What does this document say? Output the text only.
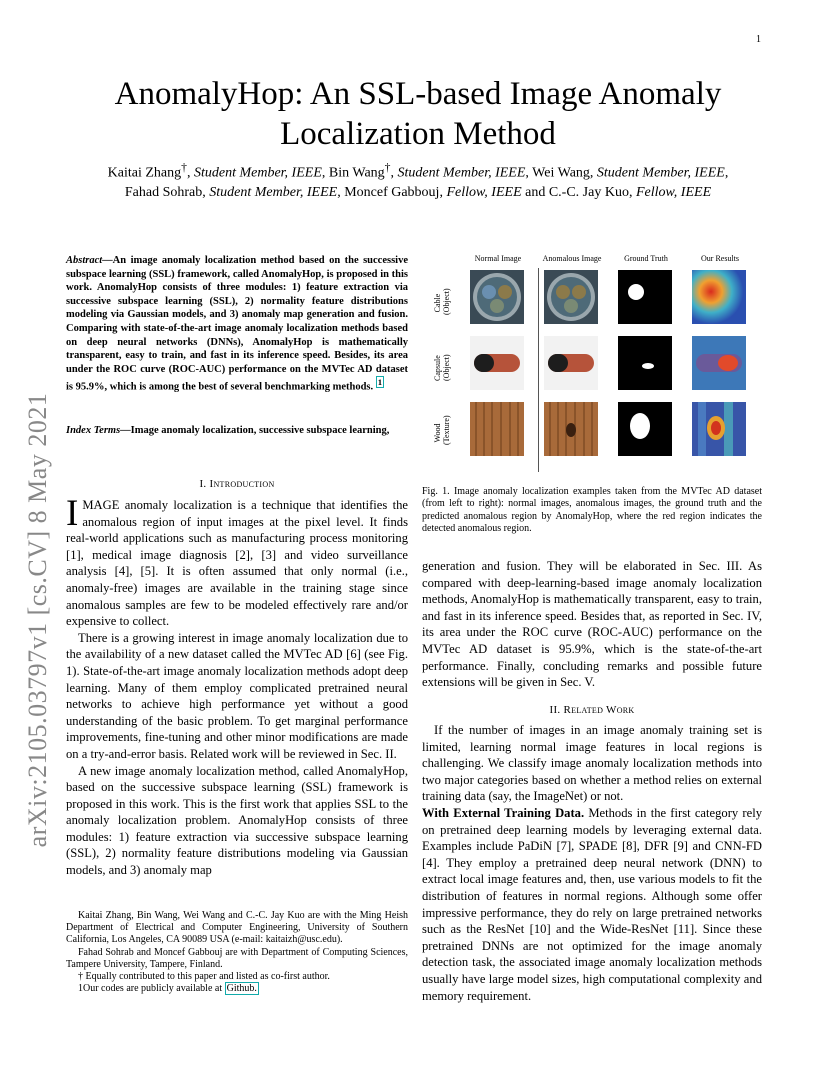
1
arXiv:2105.03797v1 [cs.CV] 8 May 2021
AnomalyHop: An SSL-based Image Anomaly Localization Method
Kaitai Zhang†, Student Member, IEEE, Bin Wang†, Student Member, IEEE, Wei Wang, Student Member, IEEE,
Fahad Sohrab, Student Member, IEEE, Moncef Gabbouj, Fellow, IEEE and C.-C. Jay Kuo, Fellow, IEEE
Abstract—An image anomaly localization method based on the successive subspace learning (SSL) framework, called AnomalyHop, is proposed in this work. AnomalyHop consists of three modules: 1) feature extraction via successive subspace learning (SSL), 2) normality feature distributions modeling via Gaussian models, and 3) anomaly map generation and fusion. Comparing with state-of-the-art image anomaly localization methods based on deep neural networks (DNNs), AnomalyHop is mathematically transparent, easy to train, and fast in its inference speed. Besides, its area under the ROC curve (ROC-AUC) performance on the MVTec AD dataset is 95.9%, which is among the best of several benchmarking methods. $^1$
Index Terms—Image anomaly localization, successive subspace learning,
I. Introduction

IMAGE anomaly localization is a technique that identifies the anomalous region of input images at the pixel level. It finds real-world applications such as manufacturing process monitoring [1], medical image diagnosis [2], [3] and video surveillance analysis [4], [5]. It is often assumed that only normal (i.e., anomaly-free) images are available in the training stage since anomalous samples are few to be modeled effectively rare and/or expensive to collect.

There is a growing interest in image anomaly localization due to the availability of a new dataset called the MVTec AD [6] (see Fig. 1). State-of-the-art image anomaly localization methods adopt deep learning. Many of them employ complicated pretrained neural networks to achieve high performance yet without a good understanding of the basic problem. To get marginal performance improvements, fine-tuning and other minor modifications are made on a try-and-error basis. Related work will be reviewed in Sec. II.

A new image anomaly localization method, called AnomalyHop, based on the successive subspace learning (SSL) framework is proposed in this work. This is the first work that applies SSL to the anomaly localization problem. AnomalyHop consists of three modules: 1) feature extraction via successive subspace learning (SSL), 2) normality feature distributions modeling via Gaussian models, and 3) anomaly map

Kaitai Zhang, Bin Wang, Wei Wang and C.-C. Jay Kuo are with the Ming Heish Department of Electrical and Computer Engineering, University of Southern California, Los Angeles, CA 90089 USA (e-mail: kaitaizh@usc.edu).

Fahad Sohrab and Moncef Gabbouj are with Department of Computing Sciences, Tampere University, Tampere, Finland.

† Equally contributed to this paper and listed as co-first author.

1Our codes are publicly available at Github.

Normal Image	Anomalous Image	Ground Truth	Our Results
Cable (Object)
Capsule (Object)
Wood (Texture)
Fig. 1. Image anomaly localization examples taken from the MVTec AD dataset (from left to right): normal images, anomalous images, the ground truth and the predicted anomalous region by AnomalyHop, where the red region indicates the detected anomalous region.

generation and fusion. They will be elaborated in Sec. III. As compared with deep-learning-based image anomaly localization methods, AnomalyHop is mathematically transparent, easy to train, and fast in its inference speed. Besides that, as reported in Sec. IV, its area under the ROC curve (ROC-AUC) performance on the MVTec AD dataset is 95.9%, which is the state-of-the-art performance. Finally, concluding remarks and possible future extensions will be given in Sec. V.

II. Related Work

If the number of images in an image anomaly training set is limited, learning normal image features in local regions is challenging. We classify image anomaly localization methods into two major categories based on whether a method relies on external training data (say, the ImageNet) or not.

With External Training Data. Methods in the first category rely on pretrained deep learning models by leveraging external data. Examples include PaDiN [7], SPADE [8], DFR [9] and CNN-FD [4]. They employ a pretrained deep neural network (DNN) to extract local image features and, then, use various models to fit the distribution of features in normal regions. Although some offer impressive performance, they do rely on large pretrained networks such as the ResNet [10] and the Wide-ResNet [11]. Since these pretrained DNNs are not optimized for the image anomaly detection task, the associated image anomaly localization methods usually have large model sizes, high computational complexity and memory requirement.
